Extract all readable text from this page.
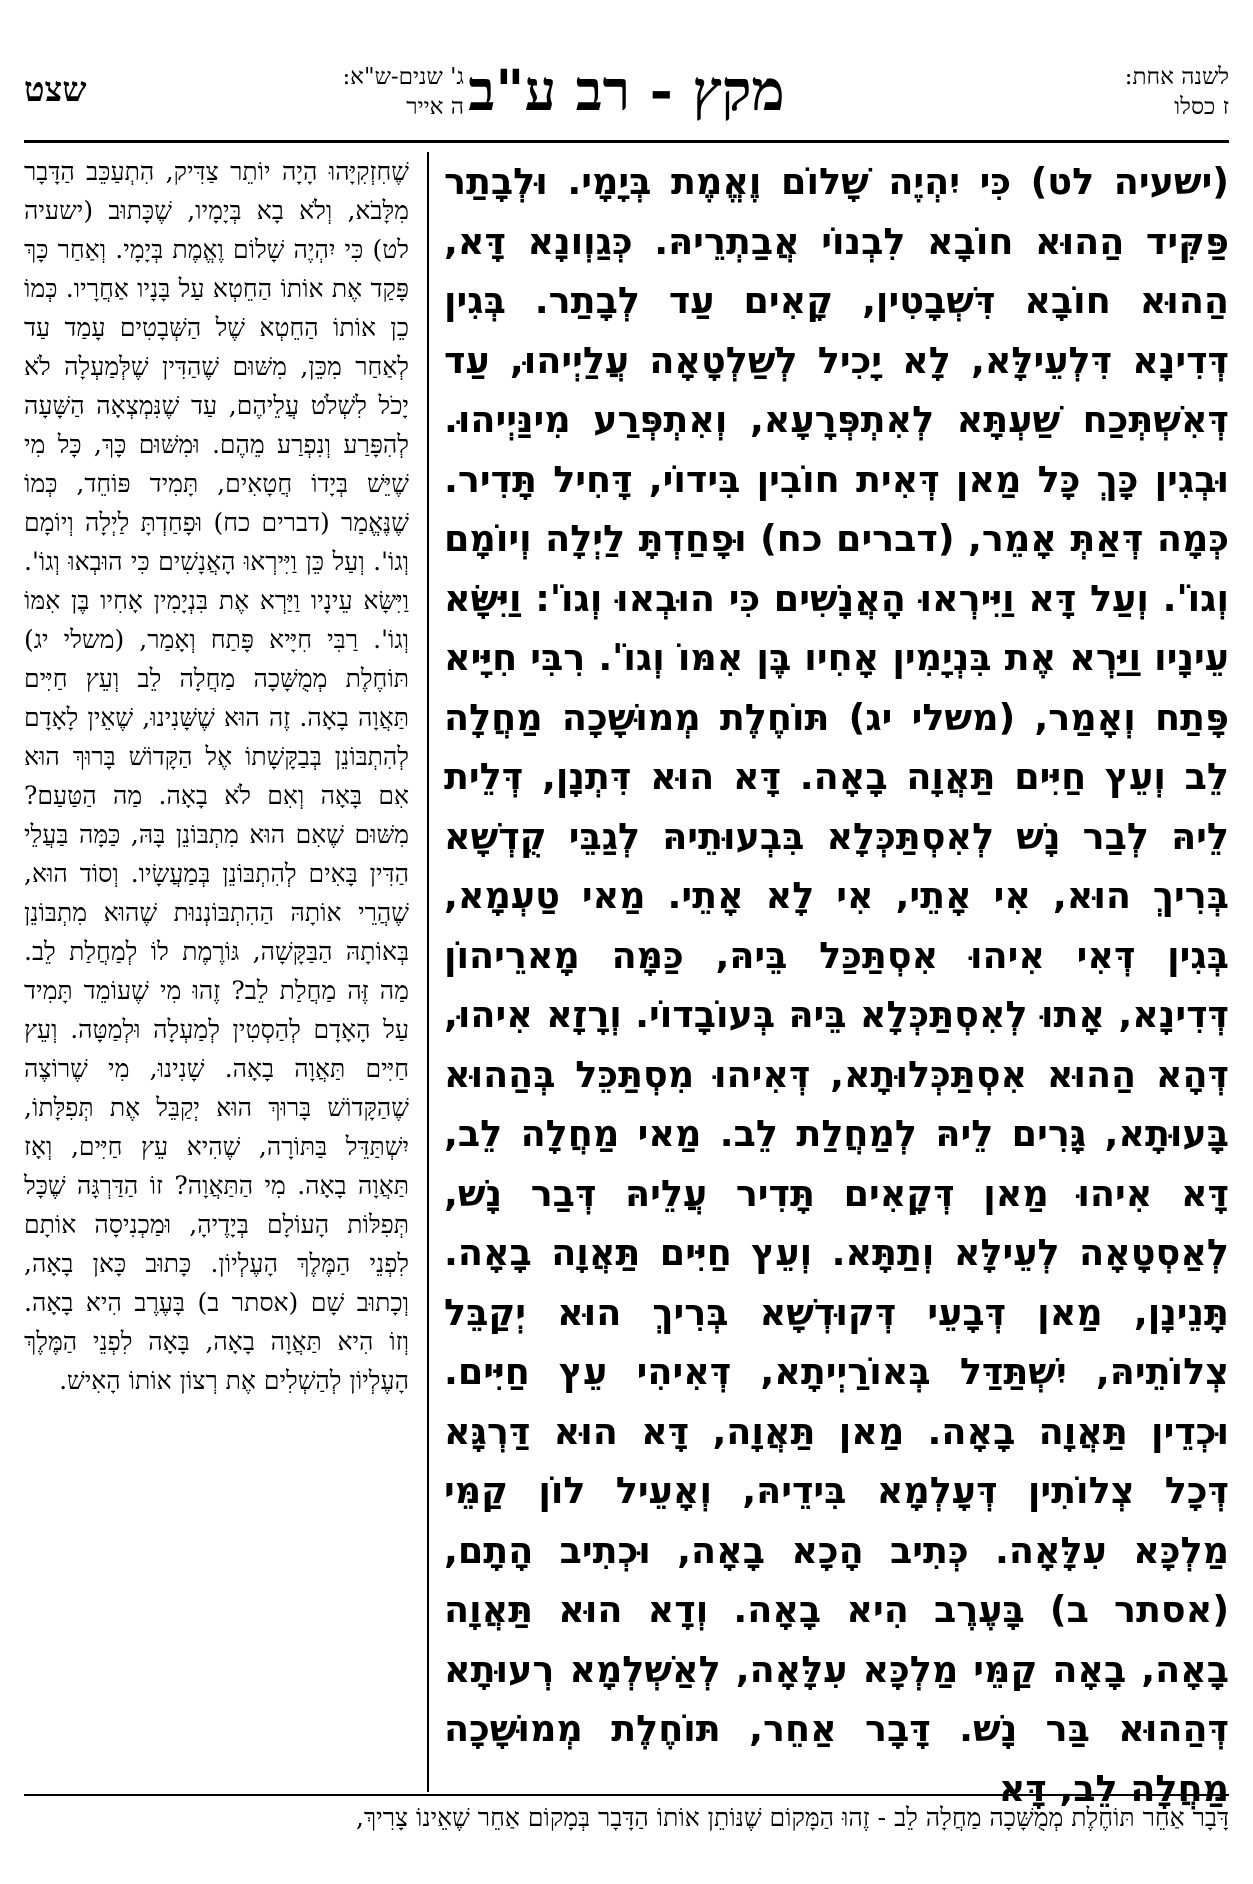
לשנה אחת:
ז כסלו
מקץ - רב ע"ב
ג' שנים-ש"א:
ה אייר
שצט

(ישעיה לט) כִּי יִהְיֶה שָׁלוֹם וֶאֱמֶת בְּיָמָי. וּלְבָתַר פַּקִּיד הַהוּא חוֹבָא לִבְנוֹי אֲבַתְרֵיהּ. כְּגַוְונָא דָּא, הַהוּא חוֹבָא דִּשְׁבָטִין, קָאִים עַד לְבָתַר. בְּגִין דְּדִינָא דִּלְעֵילָּא, לָא יָכִיל לְשַׁלְטָאָה עֲלַיְיהוּ, עַד דְּאִשְׁתְּכַח שַׁעְתָּא לְאִתְפְּרָעָא, וְאִתְפְּרַע מִינַּיְיהוּ. וּבְגִין כָּךְ כָּל מַאן דְּאִית חוֹבִין בִּידוֹי, דָּחִיל תָּדִיר. כְּמָה דְּאַתְּ אָמֵר, (דברים כח) וּפָחַדְתָּ לַיְלָה וְיוֹמָם וְגוֹ'. וְעַל דָּא וַיִּירְאוּ הָאֲנָשִׁים כִּי הוּבְאוּ וְגוֹ': וַיִּשָּׂא עֵינָיו וַיַּרְא אֶת בִּנְיָמִין אָחִיו בֶּן אִמּוֹ וְגוֹ'. רִבִּי חִיָּיא פָּתַח וְאָמַר, (משלי יג) תּוֹחֶלֶת מְמוּשָׁכָה מַחֲלָה לֵב וְעֵץ חַיִּים תַּאֲוָה בָאָה. דָּא הוּא דִּתְנָן, דְּלֵית לֵיהּ לְבַר נָשׁ לְאִסְתַּכְּלָא בִּבְעוּתֵיהּ לְגַבֵּי קֻדְשָׁא בְּרִיךְ הוּא, אִי אָתֵי, אִי לָא אָתֵי. מַאי טַעְמָא, בְּגִין דְּאִי אִיהוּ אִסְתַּכַּל בֵּיהּ, כַּמָּה מָארֵיהוֹן דְּדִינָא, אָתוּ לְאִסְתַּכְּלָא בֵּיהּ בְּעוֹבָדוֹי. וְרָזָא אִיהוּ, דְּהָא הַהוּא אִסְתַּכְּלוּתָא, דְּאִיהוּ מִסְתַּכֵּל בְּהַהוּא בָּעוּתָא, גָּרִים לֵיהּ לְמַחֲלַת לֵב. מַאי מַחֲלָה לֵב, דָּא אִיהוּ מַאן דְּקָאִים תָּדִיר עֲלֵיהּ דְּבַר נָשׁ, לְאַסְטָאָה לְעֵילָּא וְתַתָּא. וְעֵץ חַיִּים תַּאֲוָה בָאָה. תָּנֵינָן, מַאן דְּבָעֵי דְּקוּדְשָׁא בְּרִיךְ הוּא יְקַבֵּל צְלוֹתֵיהּ, יִשְׁתַּדַּל בְּאוֹרַיְיתָא, דְּאִיהִי עֵץ חַיִּים. וּכְדֵין תַּאֲוָה בָאָה. מַאן תַּאֲוָה, דָּא הוּא דַּרְגָּא דְּכָל צְלוֹתִין דְּעָלְמָא בִּידֵיהּ, וְאָעֵיל לוֹן קַמֵּי מַלְכָּא עִלָּאָה. כְּתִיב הָכָא בָאָה, וּכְתִיב הָתָם, (אסתר ב) בָּעֶרֶב הִיא בָאָה. וְדָא הוּא תַּאֲוָה בָאָה, בָאָה קַמֵּי מַלְכָּא עִלָּאָה, לְאַשְׁלְמָא רְעוּתָא דְּהַהוּא בַּר נָשׁ. דָּבָר אַחֵר, תּוֹחֶלֶת מְמוּשָׁכָה מַחֲלָה לֵב, דָּא

שֶׁחִזְקִיָּהוּ הָיָה יוֹתֵר צַדִּיק, הִתְעַכֵּב הַדָּבָר מִלָּבֹא, וְלֹא בָא בְּיָמָיו, שֶׁכָּתוּב (ישעיה לט) כִּי יִהְיֶה שָׁלוֹם וֶאֱמֶת בְּיָמָי. וְאַחַר כָּךְ פָּקַד אֶת אוֹתוֹ הַחֵטְא עַל בָּנָיו אַחֲרָיו. כְּמוֹ כֵן אוֹתוֹ הַחֵטְא שֶׁל הַשְּׁבָטִים עָמַד עַד לְאַחַר מִכֵּן, מִשּׁוּם שֶׁהַדִּין שֶׁלְּמַעְלָה לֹא יָכֹל לִשְׁלֹט עֲלֵיהֶם, עַד שֶׁנִּמְצְאָה הַשָּׁעָה לְהִפָּרַע וְנִפְרַע מֵהֶם. וּמִשּׁוּם כָּךְ, כָּל מִי שֶׁיֵּשׁ בְּיָדוֹ חֲטָאִים, תָּמִיד פּוֹחֵד, כְּמוֹ שֶׁנֶּאֱמַר (דברים כח) וּפָחַדְתָּ לַיְלָה וְיוֹמָם וְגוֹ'. וְעַל כֵּן וַיִּירְאוּ הָאֲנָשִׁים כִּי הוּבְאוּ וְגוֹ'. וַיִּשָּׂא עֵינָיו וַיַּרְא אֶת בִּנְיָמִין אָחִיו בֶּן אִמּוֹ וְגוֹ'. רַבִּי חִיָּיא פָּתַח וְאָמַר, (משלי יג) תּוֹחֶלֶת מְמֻשָּׁכָה מַחֲלָה לֵב וְעֵץ חַיִּים תַּאֲוָה בָאָה. זֶה הוּא שֶׁשָּׁנִינוּ, שֶׁאֵין לָאָדָם לְהִתְבּוֹנֵן בְּבַקָּשָׁתוֹ אֶל הַקָּדוֹשׁ בָּרוּךְ הוּא אִם בָּאָה וְאִם לֹא בָאָה. מַה הַטַּעַם? מִשּׁוּם שֶׁאִם הוּא מִתְבּוֹנֵן בָּהּ, כַּמָּה בַּעֲלֵי הַדִּין בָּאִים לְהִתְבּוֹנֵן בְּמַעֲשָׂיו. וְסוֹד הוּא, שֶׁהֲרֵי אוֹתָהּ הַהִתְבּוֹנְנוּת שֶׁהוּא מִתְבּוֹנֵן בְּאוֹתָהּ הַבַּקָּשָׁה, גּוֹרֶמֶת לוֹ לְמַחֲלַת לֵב. מַה זֶּה מַחֲלַת לֵב? זֶהוּ מִי שֶׁעוֹמֵד תָּמִיד עַל הָאָדָם לְהַסְטִין לְמַעְלָה וּלְמַטָּה. וְעֵץ חַיִּים תַּאֲוָה בָאָה. שָׁנִינוּ, מִי שֶׁרוֹצֶה שֶׁהַקָּדוֹשׁ בָּרוּךְ הוּא יְקַבֵּל אֶת תְּפִלָּתוֹ, יִשְׁתַּדֵּל בַּתּוֹרָה, שֶׁהִיא עֵץ חַיִּים, וְאָז תַּאֲוָה בָאָה. מִי הַתַּאֲוָה? זוֹ הַדַּרְגָּה שֶׁכָּל תְּפִלּוֹת הָעוֹלָם בְּיָדֶיהָ, וּמַכְנִיסָה אוֹתָם לִפְנֵי הַמֶּלֶךְ הָעֶלְיוֹן. כָּתוּב כָּאן בָאָה, וְכָתוּב שָׁם (אסתר ב) בָּעֶרֶב הִיא בָאָה. וְזוֹ הִיא תַּאֲוָה בָאָה, בָּאָה לִפְנֵי הַמֶּלֶךְ הָעֶלְיוֹן לְהַשְׁלִים אֶת רְצוֹן אוֹתוֹ הָאִישׁ.

דָּבָר אַחֵר תּוֹחֶלֶת מְמֻשָּׁכָה מַחֲלָה לֵב - זֶהוּ הַמָּקוֹם שֶׁנּוֹתֵן אוֹתוֹ הַדָּבָר בְּמָקוֹם אַחֵר שֶׁאֵינוֹ צָרִיךְ,
